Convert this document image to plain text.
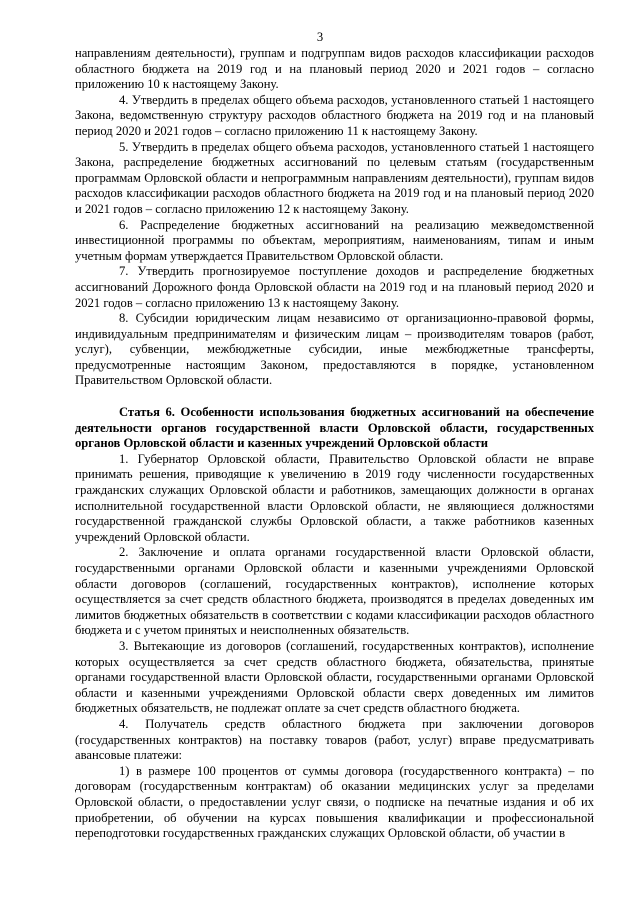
3

направлениям деятельности), группам и подгруппам видов расходов классификации расходов областного бюджета на 2019 год и на плановый период 2020 и 2021 годов – согласно приложению 10 к настоящему Закону.

4. Утвердить в пределах общего объема расходов, установленного статьей 1 настоящего Закона, ведомственную структуру расходов областного бюджета на 2019 год и на плановый период 2020 и 2021 годов – согласно приложению 11 к настоящему Закону.

5. Утвердить в пределах общего объема расходов, установленного статьей 1 настоящего Закона, распределение бюджетных ассигнований по целевым статьям (государственным программам Орловской области и непрограммным направлениям деятельности), группам видов расходов классификации расходов областного бюджета на 2019 год и на плановый период 2020 и 2021 годов – согласно приложению 12 к настоящему Закону.

6. Распределение бюджетных ассигнований на реализацию межведомственной инвестиционной программы по объектам, мероприятиям, наименованиям, типам и иным учетным формам утверждается Правительством Орловской области.

7. Утвердить прогнозируемое поступление доходов и распределение бюджетных ассигнований Дорожного фонда Орловской области на 2019 год и на плановый период 2020 и 2021 годов – согласно приложению 13 к настоящему Закону.

8. Субсидии юридическим лицам независимо от организационно-правовой формы, индивидуальным предпринимателям и физическим лицам – производителям товаров (работ, услуг), субвенции, межбюджетные субсидии, иные межбюджетные трансферты, предусмотренные настоящим Законом, предоставляются в порядке, установленном Правительством Орловской области.

Статья 6. Особенности использования бюджетных ассигнований на обеспечение деятельности органов государственной власти Орловской области, государственных органов Орловской области и казенных учреждений Орловской области

1. Губернатор Орловской области, Правительство Орловской области не вправе принимать решения, приводящие к увеличению в 2019 году численности государственных гражданских служащих Орловской области и работников, замещающих должности в органах исполнительной государственной власти Орловской области, не являющиеся должностями государственной гражданской службы Орловской области, а также работников казенных учреждений Орловской области.

2. Заключение и оплата органами государственной власти Орловской области, государственными органами Орловской области и казенными учреждениями Орловской области договоров (соглашений, государственных контрактов), исполнение которых осуществляется за счет средств областного бюджета, производятся в пределах доведенных им лимитов бюджетных обязательств в соответствии с кодами классификации расходов областного бюджета и с учетом принятых и неисполненных обязательств.

3. Вытекающие из договоров (соглашений, государственных контрактов), исполнение которых осуществляется за счет средств областного бюджета, обязательства, принятые органами государственной власти Орловской области, государственными органами Орловской области и казенными учреждениями Орловской области сверх доведенных им лимитов бюджетных обязательств, не подлежат оплате за счет средств областного бюджета.

4. Получатель средств областного бюджета при заключении договоров (государственных контрактов) на поставку товаров (работ, услуг) вправе предусматривать авансовые платежи:

1) в размере 100 процентов от суммы договора (государственного контракта) – по договорам (государственным контрактам) об оказании медицинских услуг за пределами Орловской области, о предоставлении услуг связи, о подписке на печатные издания и об их приобретении, об обучении на курсах повышения квалификации и профессиональной переподготовки государственных гражданских служащих Орловской области, об участии в
